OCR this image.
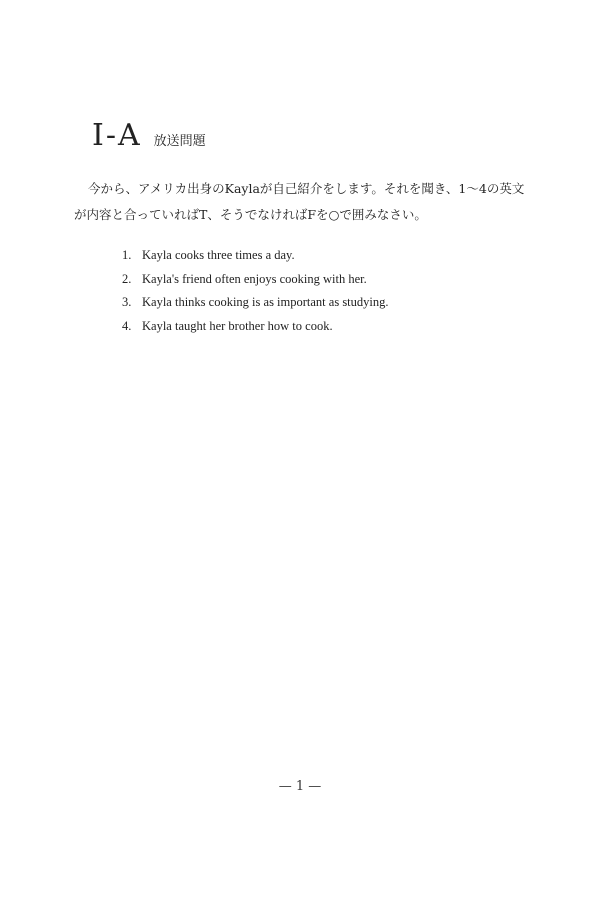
I-A 放送問題

今から、アメリカ出身のKaylaが自己紹介をします。それを聞き、1～4の英文

が内容と合っていればT、そうでなければFを○で囲みなさい。

1. Kayla cooks three times a day.
2. Kayla's friend often enjoys cooking with her.
3. Kayla thinks cooking is as important as studying.
4. Kayla taught her brother how to cook.
— 1 —
